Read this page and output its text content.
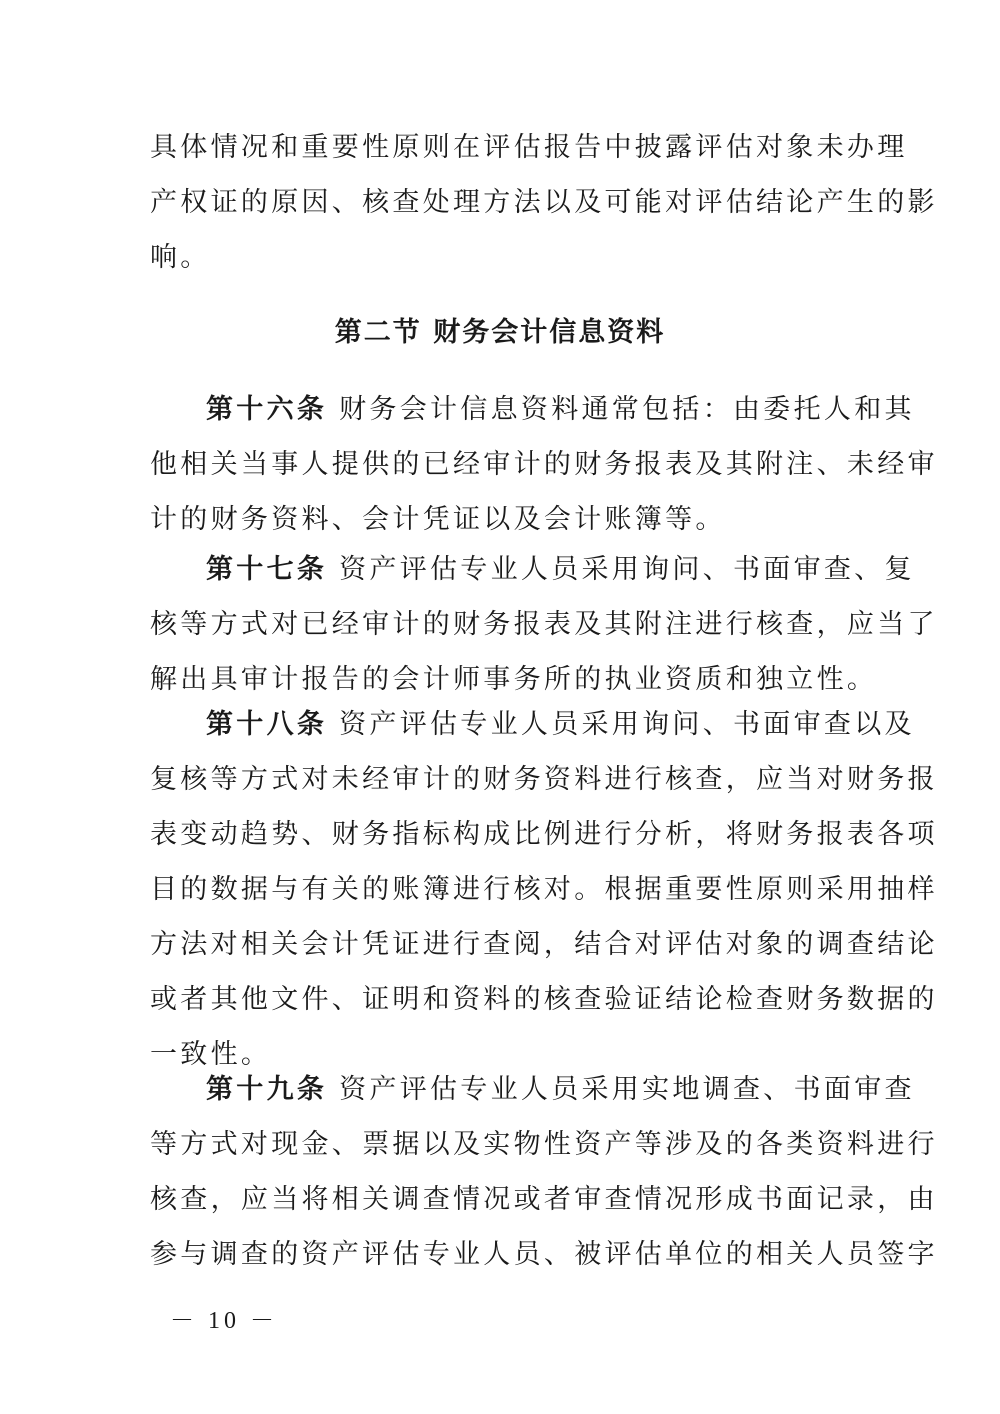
具体情况和重要性原则在评估报告中披露评估对象未办理
产权证的原因、核查处理方法以及可能对评估结论产生的影
响。
第二节 财务会计信息资料
第十六条 财务会计信息资料通常包括：由委托人和其
他相关当事人提供的已经审计的财务报表及其附注、未经审
计的财务资料、会计凭证以及会计账簿等。
第十七条 资产评估专业人员采用询问、书面审查、复
核等方式对已经审计的财务报表及其附注进行核查，应当了
解出具审计报告的会计师事务所的执业资质和独立性。
第十八条 资产评估专业人员采用询问、书面审查以及
复核等方式对未经审计的财务资料进行核查，应当对财务报
表变动趋势、财务指标构成比例进行分析，将财务报表各项
目的数据与有关的账簿进行核对。根据重要性原则采用抽样
方法对相关会计凭证进行查阅，结合对评估对象的调查结论
或者其他文件、证明和资料的核查验证结论检查财务数据的
一致性。
第十九条 资产评估专业人员采用实地调查、书面审查
等方式对现金、票据以及实物性资产等涉及的各类资料进行
核查，应当将相关调查情况或者审查情况形成书面记录，由
参与调查的资产评估专业人员、被评估单位的相关人员签字
－ 10 －
